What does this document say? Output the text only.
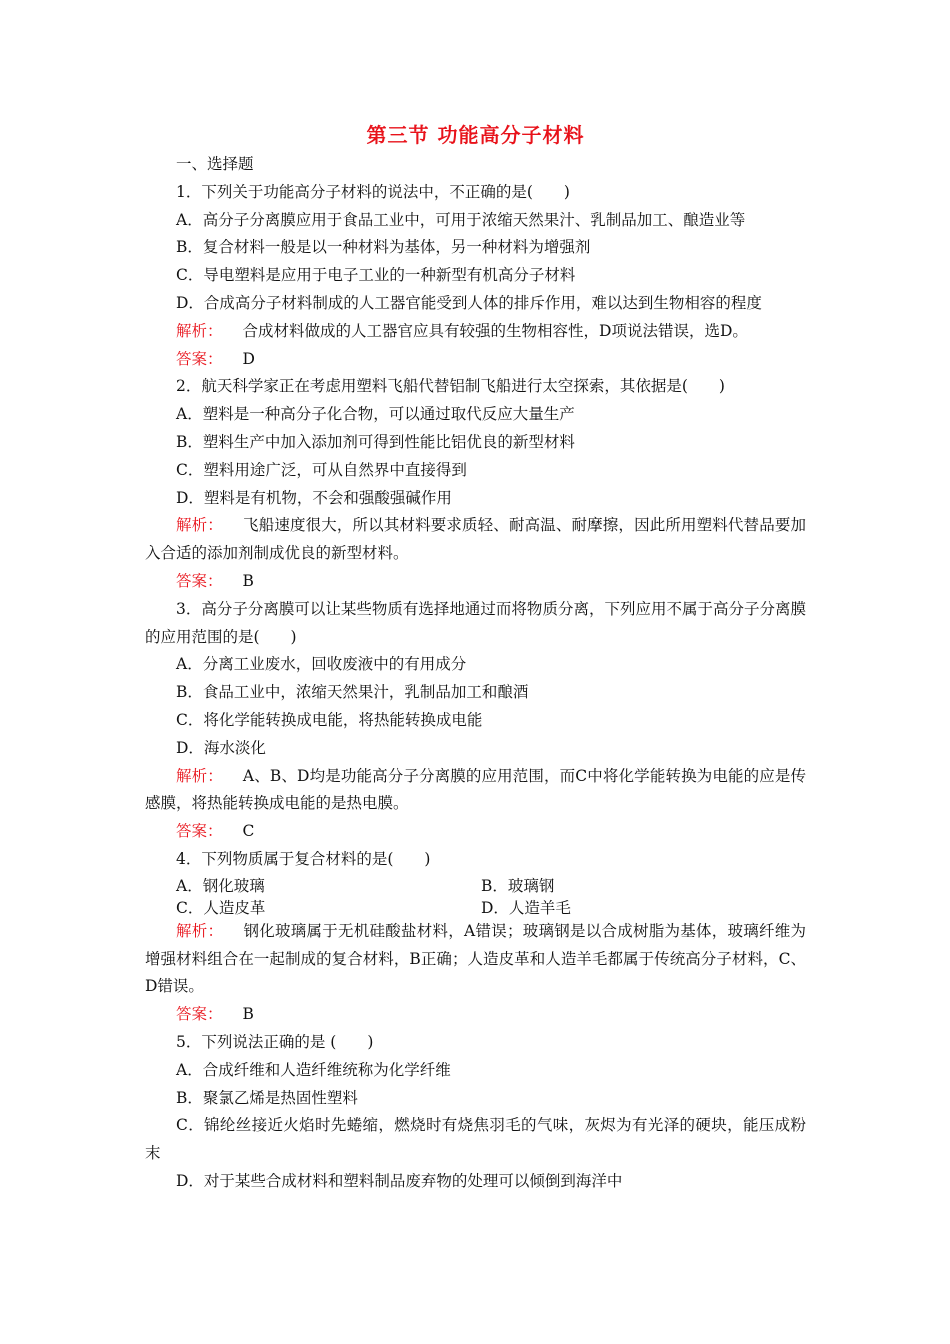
第三节 功能高分子材料
一、选择题
1．下列关于功能高分子材料的说法中，不正确的是(　　)
A．高分子分离膜应用于食品工业中，可用于浓缩天然果汁、乳制品加工、酿造业等
B．复合材料一般是以一种材料为基体，另一种材料为增强剂
C．导电塑料是应用于电子工业的一种新型有机高分子材料
D．合成高分子材料制成的人工器官能受到人体的排斥作用，难以达到生物相容的程度
解析： 合成材料做成的人工器官应具有较强的生物相容性，D项说法错误，选D。
答案： D
2．航天科学家正在考虑用塑料飞船代替铝制飞船进行太空探索，其依据是(　　)
A．塑料是一种高分子化合物，可以通过取代反应大量生产
B．塑料生产中加入添加剂可得到性能比铝优良的新型材料
C．塑料用途广泛，可从自然界中直接得到
D．塑料是有机物，不会和强酸强碱作用
解析： 飞船速度很大，所以其材料要求质轻、耐高温、耐摩擦，因此所用塑料代替品要加入合适的添加剂制成优良的新型材料。
答案： B
3．高分子分离膜可以让某些物质有选择地通过而将物质分离，下列应用不属于高分子分离膜的应用范围的是(　　)
A．分离工业废水，回收废液中的有用成分
B．食品工业中，浓缩天然果汁，乳制品加工和酿酒
C．将化学能转换成电能，将热能转换成电能
D．海水淡化
解析： A、B、D均是功能高分子分离膜的应用范围，而C中将化学能转换为电能的应是传感膜，将热能转换成电能的是热电膜。
答案： C
4．下列物质属于复合材料的是(　　)
A．钢化玻璃	B．玻璃钢
C．人造皮革	D．人造羊毛
解析： 钢化玻璃属于无机硅酸盐材料，A错误；玻璃钢是以合成树脂为基体，玻璃纤维为增强材料组合在一起制成的复合材料，B正确；人造皮革和人造羊毛都属于传统高分子材料，C、D错误。
答案： B
5．下列说法正确的是 (　　)
A．合成纤维和人造纤维统称为化学纤维
B．聚氯乙烯是热固性塑料
C．锦纶丝接近火焰时先蜷缩，燃烧时有烧焦羽毛的气味，灰烬为有光泽的硬块，能压成粉末
D．对于某些合成材料和塑料制品废弃物的处理可以倾倒到海洋中
